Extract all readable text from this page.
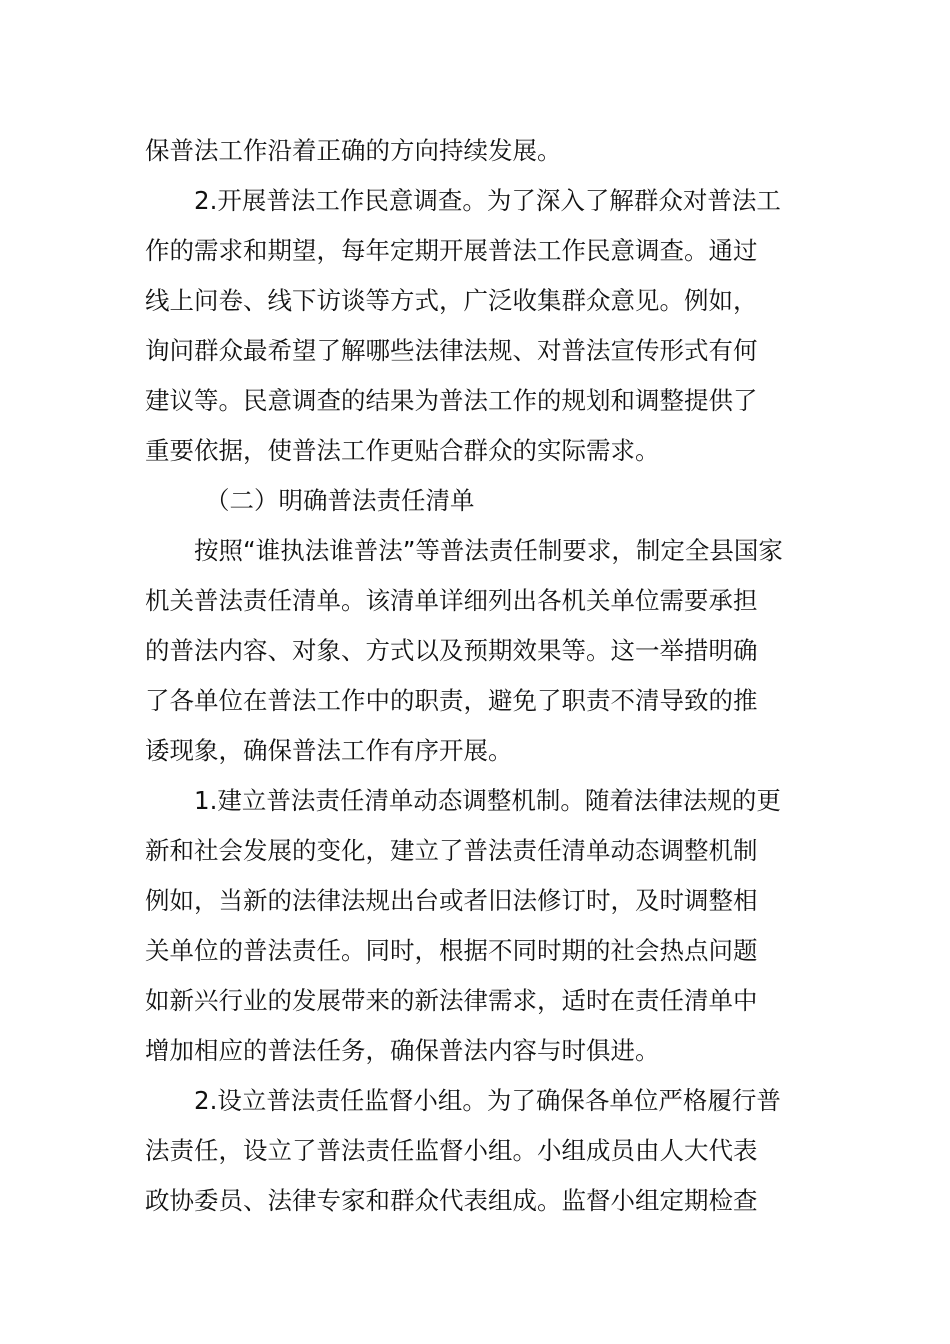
保普法工作沿着正确的方向持续发展。
2.开展普法工作民意调查。为了深入了解群众对普法工
作的需求和期望，每年定期开展普法工作民意调查。通过
线上问卷、线下访谈等方式，广泛收集群众意见。例如，
询问群众最希望了解哪些法律法规、对普法宣传形式有何
建议等。民意调查的结果为普法工作的规划和调整提供了
重要依据，使普法工作更贴合群众的实际需求。
（二）明确普法责任清单
按照“谁执法谁普法”等普法责任制要求，制定全县国家
机关普法责任清单。该清单详细列出各机关单位需要承担
的普法内容、对象、方式以及预期效果等。这一举措明确
了各单位在普法工作中的职责，避免了职责不清导致的推
诿现象，确保普法工作有序开展。
1.建立普法责任清单动态调整机制。随着法律法规的更
新和社会发展的变化，建立了普法责任清单动态调整机制
例如，当新的法律法规出台或者旧法修订时，及时调整相
关单位的普法责任。同时，根据不同时期的社会热点问题
如新兴行业的发展带来的新法律需求，适时在责任清单中
增加相应的普法任务，确保普法内容与时俱进。
2.设立普法责任监督小组。为了确保各单位严格履行普
法责任，设立了普法责任监督小组。小组成员由人大代表
政协委员、法律专家和群众代表组成。监督小组定期检查
